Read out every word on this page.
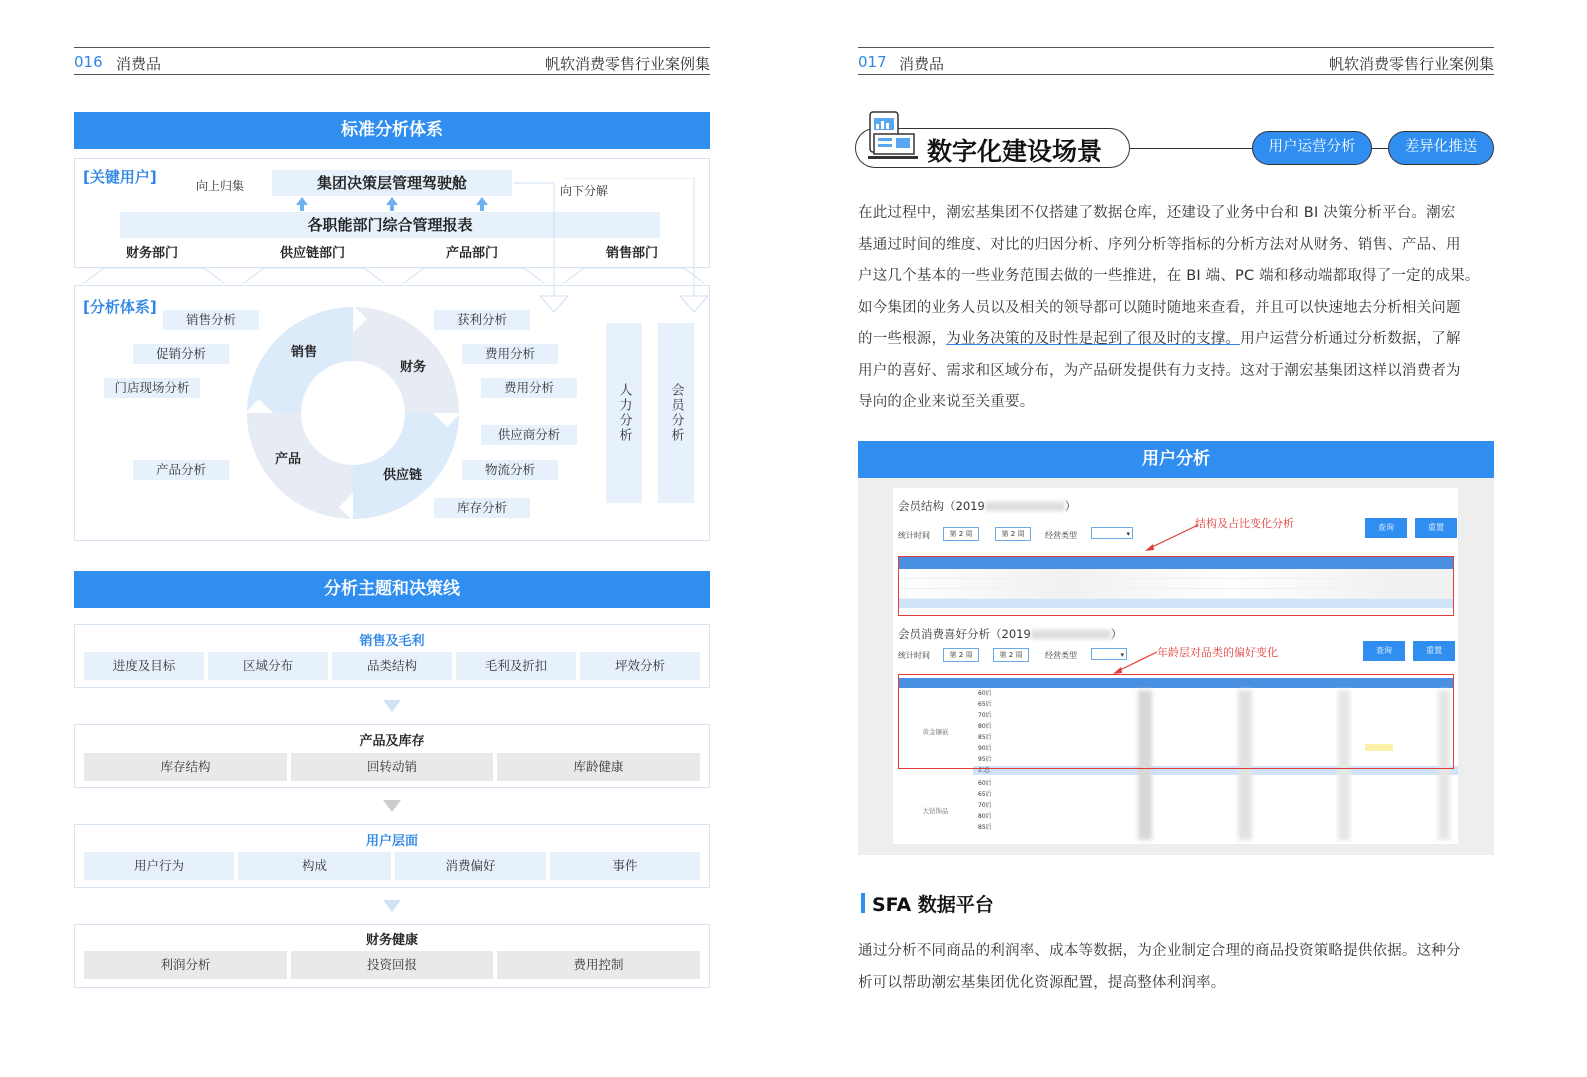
016 消费品	帆软消费零售行业案例集
标准分析体系
[关键用户]	向上归集	向下分解
集团决策层管理驾驶舱
各职能部门综合管理报表
财务部门	供应链部门	产品部门	销售部门
[分析体系]
销售
财务
供应链
产品
销售分析
促销分析
门店现场分析
产品分析
获利分析
费用分析
费用分析
供应商分析
物流分析
库存分析
人力分析	会员分析
分析主题和决策线
销售及毛利
进度及目标	区域分布	品类结构	毛利及折扣	坪效分析
产品及库存
库存结构	回转动销	库龄健康
用户层面
用户行为	构成	消费偏好	事件
财务健康
利润分析	投资回报	费用控制
017 消费品	帆软消费零售行业案例集
数字化建设场景	用户运营分析	差异化推送
在此过程中，潮宏基集团不仅搭建了数据仓库，还建设了业务中台和 BI 决策分析平台。潮宏
基通过时间的维度、对比的归因分析、序列分析等指标的分析方法对从财务、销售、产品、用
户这几个基本的一些业务范围去做的一些推进，在 BI 端、PC 端和移动端都取得了一定的成果。
如今集团的业务人员以及相关的领导都可以随时随地来查看，并且可以快速地去分析相关问题
的一些根源，为业务决策的及时性是起到了很及时的支撑。用户运营分析通过分析数据，了解
用户的喜好、需求和区域分布，为产品研发提供有力支持。这对于潮宏基集团这样以消费者为
导向的企业来说至关重要。
用户分析
会员结构（2019	）
统计时间	第 2 周	第 2 周	经营类型	▾
查询	重置
结构及占比变化分析
会员消费喜好分析（2019	）
统计时间	第 2 周	第 2 周	经营类型	▾	查询	重置
年龄层对品类的偏好变化
黄金镶嵌
60后
65后
70后
80后
85后
90后
95后
汇总
大钻饰品
60后
65后
70后
80后
85后
SFA 数据平台
通过分析不同商品的利润率、成本等数据，为企业制定合理的商品投资策略提供依据。这种分
析可以帮助潮宏基集团优化资源配置，提高整体利润率。
